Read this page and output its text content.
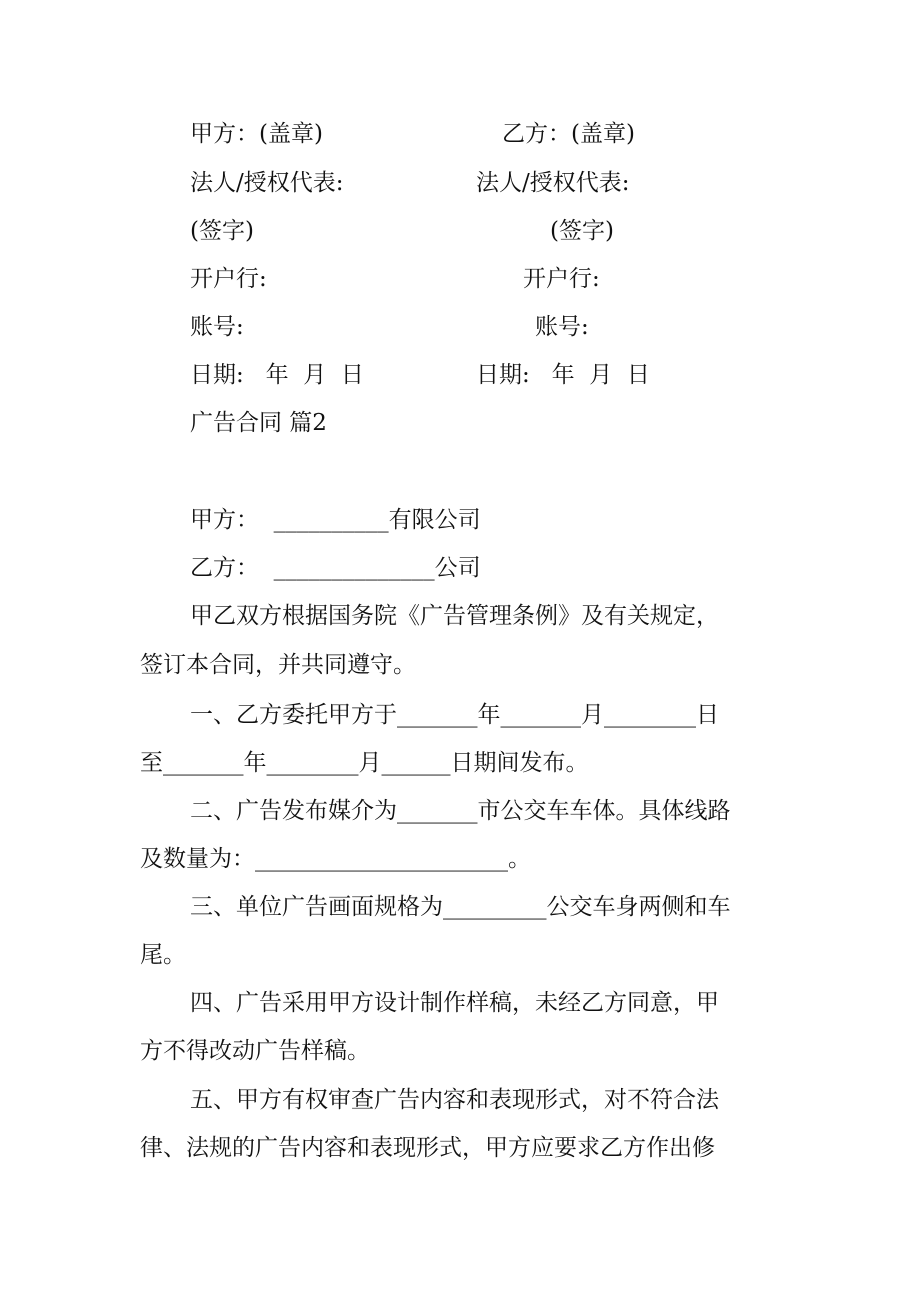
甲方：(盖章)	乙方：(盖章)
法人/授权代表:	法人/授权代表:
(签字)	(签字)
开户行:	开户行:
账号:	账号:
日期:   年  月  日	日期:   年  月  日
广告合同 篇2
甲方：  __________有限公司
乙方：  ______________公司
甲乙双方根据国务院《广告管理条例》及有关规定，
签订本合同，并共同遵守。
一、乙方委托甲方于_______年_______月________日
至_______年________月______日期间发布。
二、广告发布媒介为_______市公交车车体。具体线路
及数量为：______________________。
三、单位广告画面规格为_________公交车身两侧和车
尾。
四、广告采用甲方设计制作样稿，未经乙方同意，甲
方不得改动广告样稿。
五、甲方有权审查广告内容和表现形式，对不符合法
律、法规的广告内容和表现形式，甲方应要求乙方作出修
